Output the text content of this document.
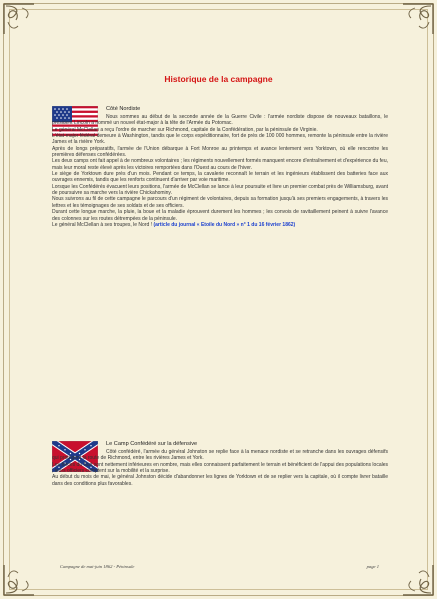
Historique de la campagne
Côté Nordiste

Nous sommes au début de la seconde année de la Guerre Civile : l'armée nordiste dispose de nouveaux bataillons, le président Lincoln a nommé un nouvel état-major à la tête de l'Armée du Potomac.

Le général McClellan a reçu l'ordre de marcher sur Richmond, capitale de la Confédération, par la péninsule de Virginie.

L'état-major fédéral demeure à Washington, tandis que le corps expéditionnaire, fort de près de 100 000 hommes, remonte la péninsule entre la rivière James et la rivière York.

Après de longs préparatifs, l'armée de l'Union débarque à Fort Monroe au printemps et avance lentement vers Yorktown, où elle rencontre les premières défenses confédérées.

Les deux camps ont fait appel à de nombreux volontaires ; les régiments nouvellement formés manquent encore d'entraînement et d'expérience du feu, mais leur moral reste élevé après les victoires remportées dans l'Ouest au cours de l'hiver.

Le siège de Yorktown dure près d'un mois. Pendant ce temps, la cavalerie reconnaît le terrain et les ingénieurs établissent des batteries face aux ouvrages ennemis, tandis que les renforts continuent d'arriver par voie maritime.

Lorsque les Confédérés évacuent leurs positions, l'armée de McClellan se lance à leur poursuite et livre un premier combat près de Williamsburg, avant de poursuivre sa marche vers la rivière Chickahominy.

Nous suivrons au fil de cette campagne le parcours d'un régiment de volontaires, depuis sa formation jusqu'à ses premiers engagements, à travers les lettres et les témoignages de ses soldats et de ses officiers.

Durant cette longue marche, la pluie, la boue et la maladie éprouvent durement les hommes ; les convois de ravitaillement peinent à suivre l'avance des colonnes sur les routes détrempées de la péninsule.

Le général McClellan à ses troupes, le Nord ! (article du journal « Etoile du Nord » n° 1 du 16 février 1862)

Le Camp Confédéré sur la défensive

Côté confédéré, l'armée du général Johnston se replie face à la menace nordiste et se retranche dans les ouvrages défensifs qui protègent la route de Richmond, entre les rivières James et York.

Les forces du Sud sont nettement inférieures en nombre, mais elles connaissent parfaitement le terrain et bénéficient de l'appui des populations locales ; leurs officiers comptent sur la mobilité et la surprise.

Au début du mois de mai, le général Johnston décide d'abandonner les lignes de Yorktown et de se replier vers la capitale, où il compte livrer bataille dans des conditions plus favorables.

Campagne de mai-juin 1862 - Péninsule	page 1
